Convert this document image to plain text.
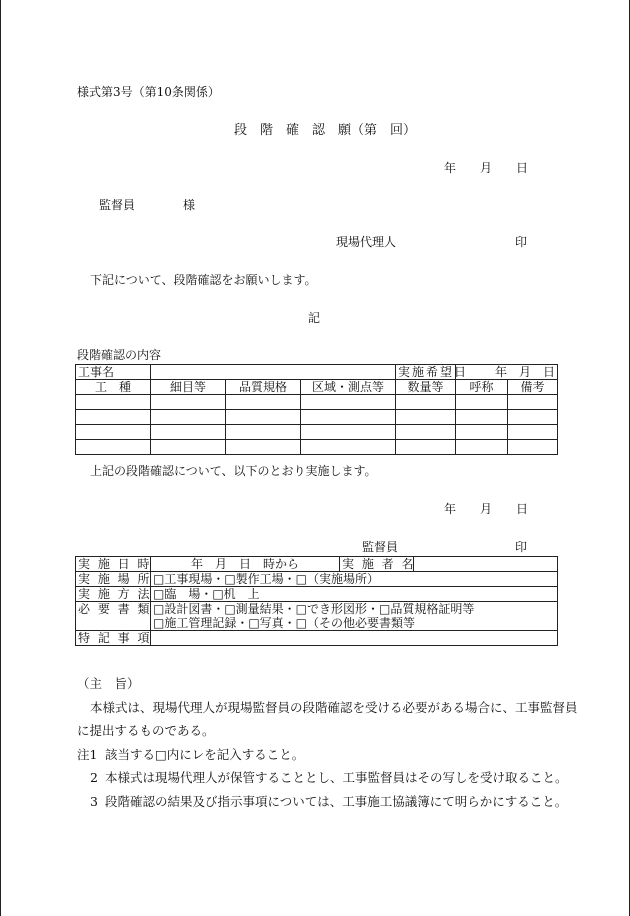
様式第3号（第10条関係）
段　階　確　認　願（第　回）
年　　月　　日
監督員	様
現場代理人	印
下記について、段階確認をお願いします。
記
段階確認の内容
工事名				実施希望日	年　月　日	
工　種	細目等	品質規格	区域・測点等	数量等	呼称	備考

上記の段階確認について、以下のとおり実施します。
年　　月　　日
監督員	印
実 施 日 時	年　月　日　時から	実 施 者 名	
実 施 場 所	□工事現場・□製作工場・□（実施場所）		
実 施 方 法	□臨　場・□机　上		
必 要 書 類	□設計図書・□測量結果・□でき形図形・□品質規格証明等		
	□施工管理記録・□写真・□（その他必要書類等		
特 記 事 項			
（主　旨）
本様式は、現場代理人が現場監督員の段階確認を受ける必要がある場合に、工事監督員
に提出するものである。
注1 該当する□内にレを記入すること。
2 本様式は現場代理人が保管することとし、工事監督員はその写しを受け取ること。
3 段階確認の結果及び指示事項については、工事施工協議簿にて明らかにすること。
